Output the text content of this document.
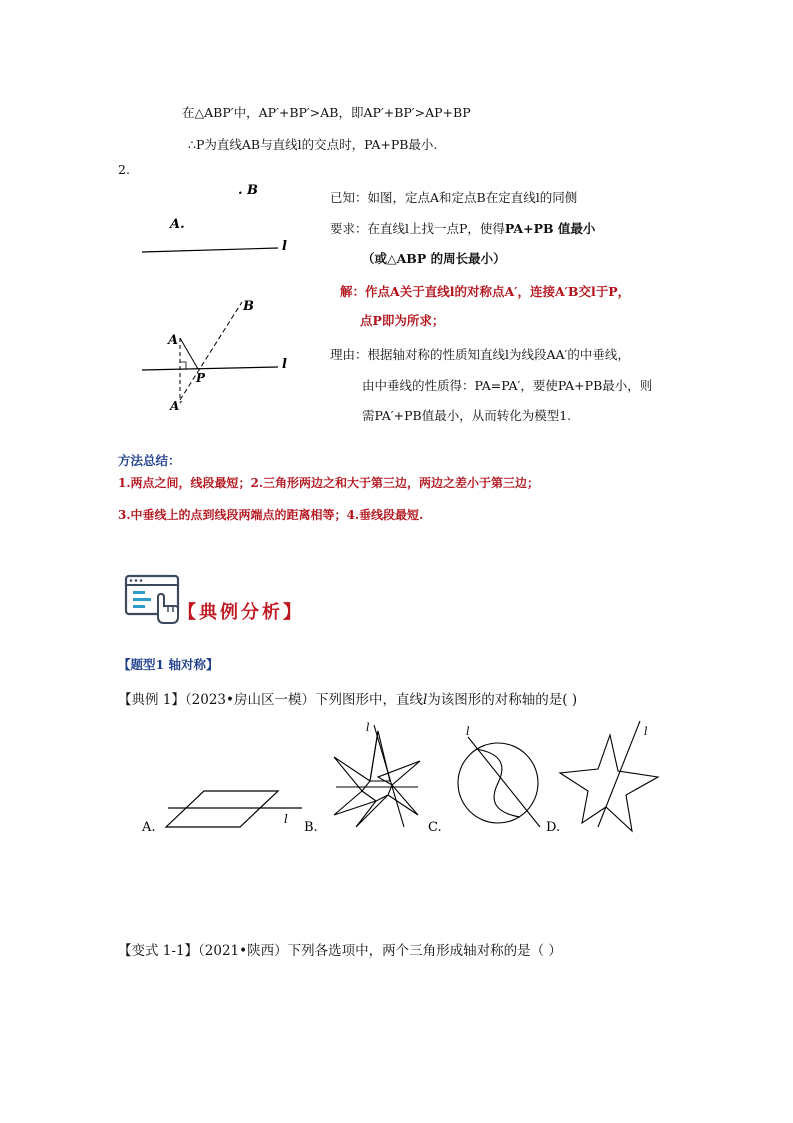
在△ABP′中，AP′+BP′>AB，即AP′+BP′>AP+BP
∴P为直线AB与直线l的交点时，PA+PB最小.
2.
. B
A.
l
B
A
l
P
A′
已知：如图，定点A和定点B在定直线l的同侧
要求：在直线l上找一点P，使得PA+PB 值最小
（或△ABP 的周长最小）
解：作点A关于直线l的对称点A′，连接A′B交l于P，
点P即为所求；
理由：根据轴对称的性质知直线l为线段AA′的中垂线，
由中垂线的性质得：PA=PA′，要使PA+PB最小，则
需PA′+PB值最小，从而转化为模型1.
方法总结：
1.两点之间，线段最短；2.三角形两边之和大于第三边，两边之差小于第三边；
3.中垂线上的点到线段两端点的距离相等；4.垂线段最短.
【典例分析】
【题型1 轴对称】
【典例 1】（2023•房山区一模）下列图形中，直线l为该图形的对称轴的是( )
l
A.
l
B.
l
C.
l
D.
【变式 1-1】（2021•陕西）下列各选项中，两个三角形成轴对称的是（ ）
